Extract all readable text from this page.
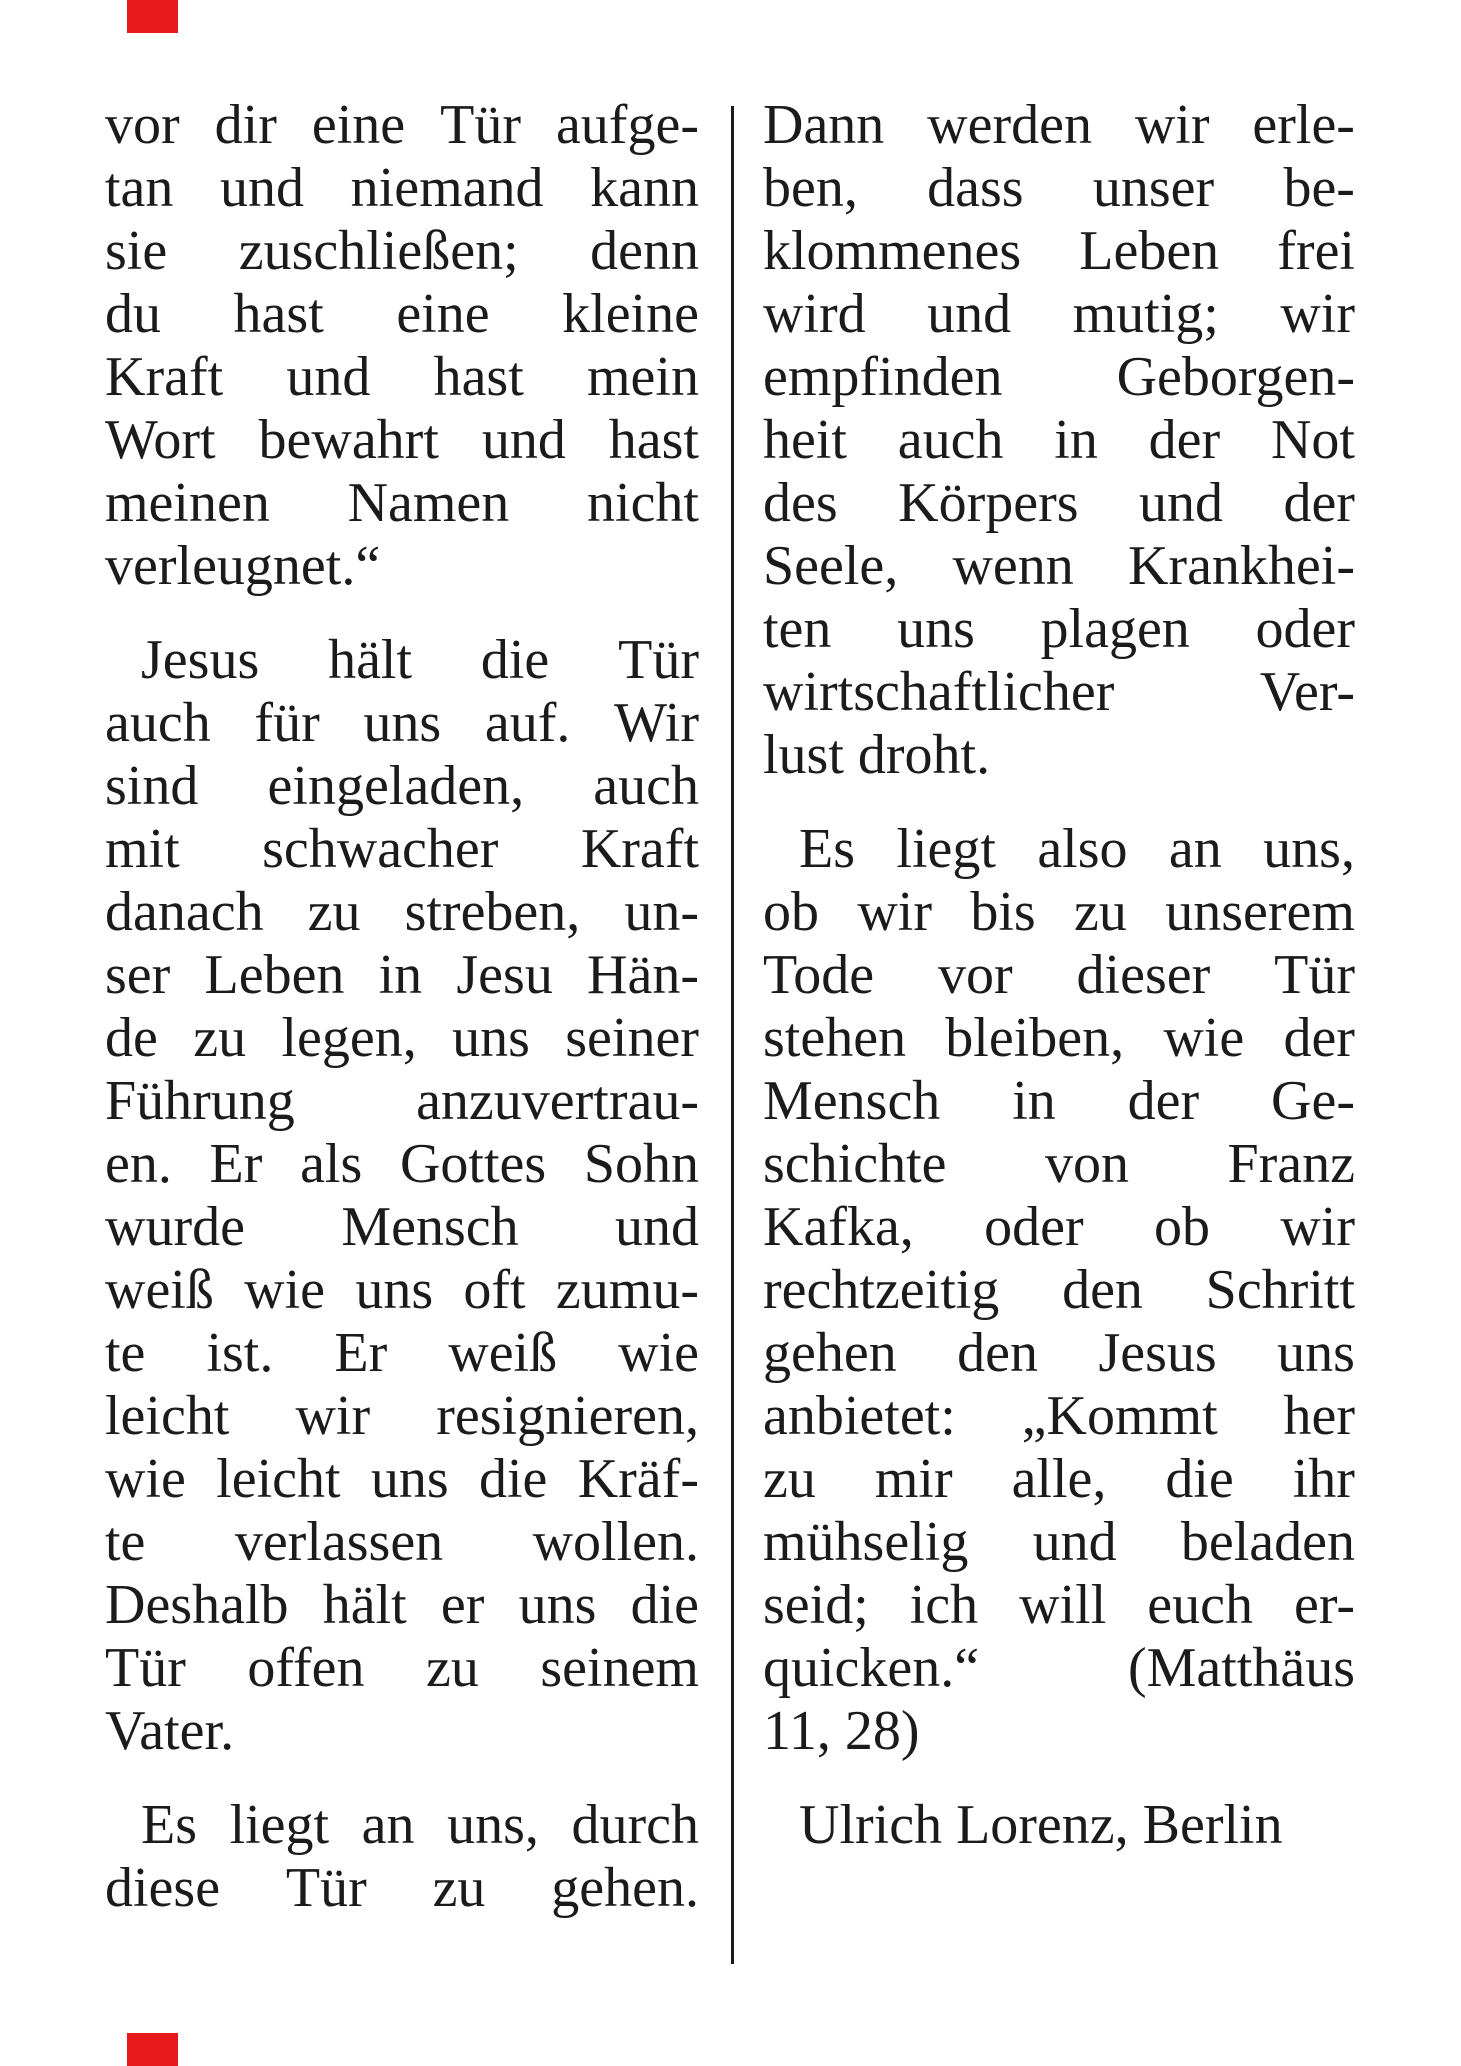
vor dir eine Tür aufge-
tan und niemand kann
sie zuschließen; denn
du hast eine kleine
Kraft und hast mein
Wort bewahrt und hast
meinen Namen nicht
verleugnet.“
Jesus hält die Tür
auch für uns auf. Wir
sind eingeladen, auch
mit schwacher Kraft
danach zu streben, un-
ser Leben in Jesu Hän-
de zu legen, uns seiner
Führung anzuvertrau-
en. Er als Gottes Sohn
wurde Mensch und
weiß wie uns oft zumu-
te ist. Er weiß wie
leicht wir resignieren,
wie leicht uns die Kräf-
te verlassen wollen.
Deshalb hält er uns die
Tür offen zu seinem
Vater.
Es liegt an uns, durch
diese Tür zu gehen.
Dann werden wir erle-
ben, dass unser be-
klommenes Leben frei
wird und mutig; wir
empfinden Geborgen-
heit auch in der Not
des Körpers und der
Seele, wenn Krankhei-
ten uns plagen oder
wirtschaftlicher	Ver-
lust droht.
Es liegt also an uns,
ob wir bis zu unserem
Tode vor dieser Tür
stehen bleiben, wie der
Mensch in der Ge-
schichte von Franz
Kafka, oder ob wir
rechtzeitig den Schritt
gehen den Jesus uns
anbietet: „Kommt her
zu mir alle, die ihr
mühselig und beladen
seid; ich will euch er-
quicken.“	(Matthäus
11, 28)
Ulrich Lorenz, Berlin
